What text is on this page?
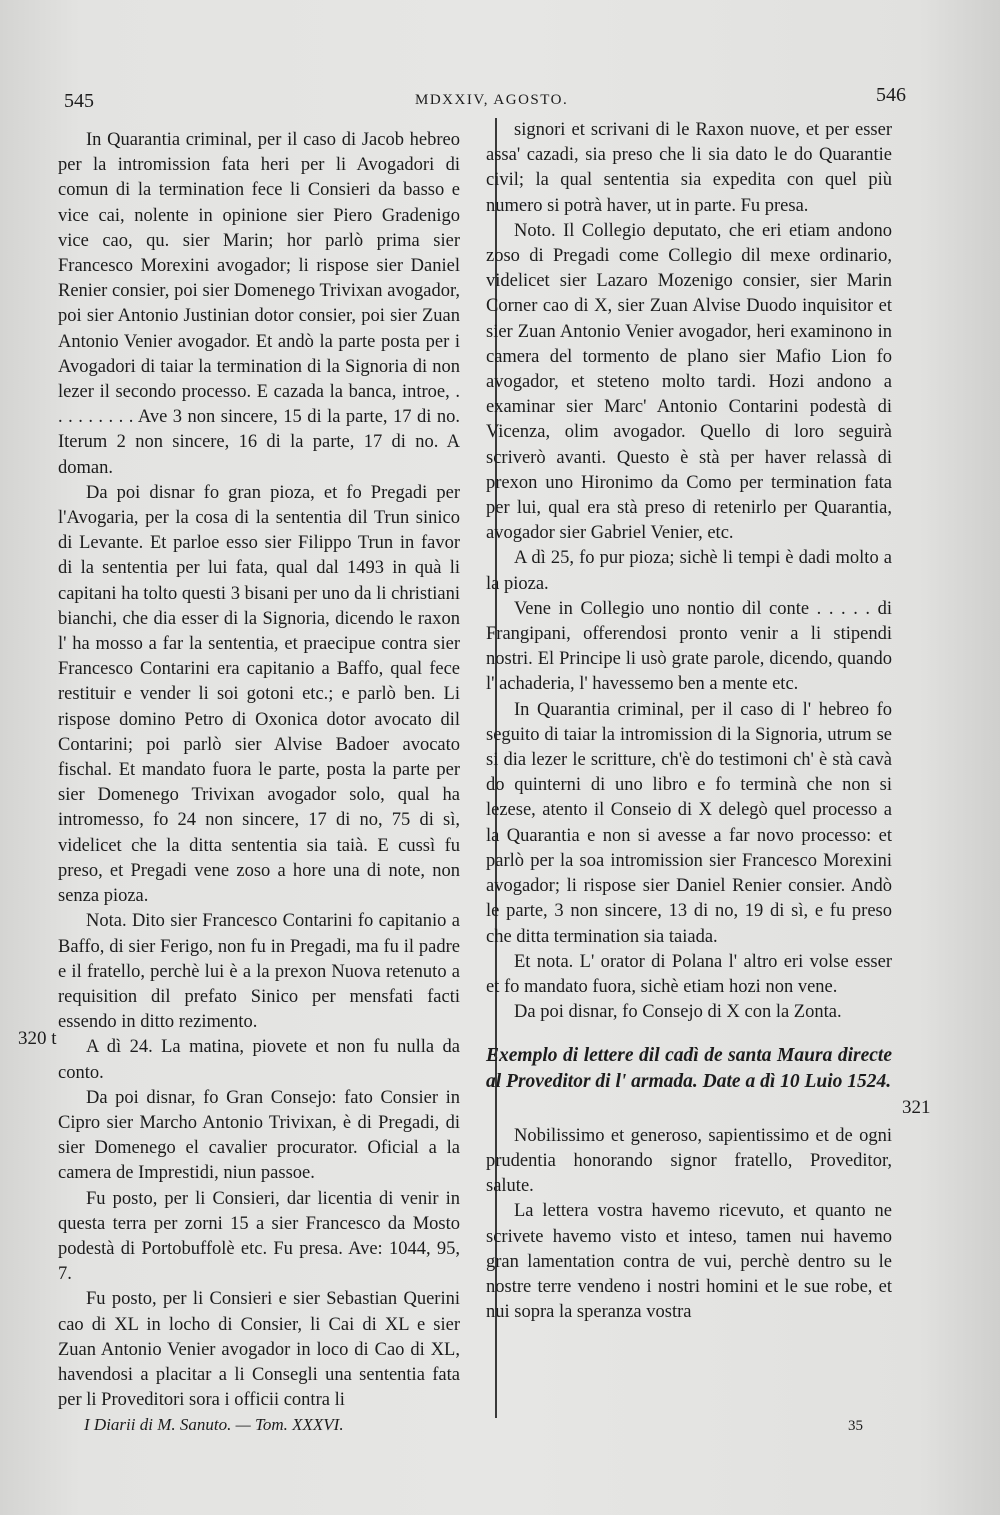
545	MDXXIV, AGOSTO.	546

In Quarantia criminal, per il caso di Jacob hebreo per la intromission fata heri per li Avogadori di comun di la termination fece li Consieri da basso e vice cai, nolente in opinione sier Piero Gradenigo vice cao, qu. sier Marin; hor parlò prima sier Francesco Morexini avogador; li rispose sier Daniel Renier consier, poi sier Domenego Trivixan avogador, poi sier Antonio Justinian dotor consier, poi sier Zuan Antonio Venier avogador. Et andò la parte posta per i Avogadori di taiar la termination di la Signoria di non lezer il secondo processo. E cazada la banca, introe, . . . . . . . . . Ave 3 non sincere, 15 di la parte, 17 di no. Iterum 2 non sincere, 16 di la parte, 17 di no. A doman.

Da poi disnar fo gran pioza, et fo Pregadi per l'Avogaria, per la cosa di la sententia dil Trun sinico di Levante. Et parloe esso sier Filippo Trun in favor di la sententia per lui fata, qual dal 1493 in quà li capitani ha tolto questi 3 bisani per uno da li christiani bianchi, che dia esser di la Signoria, dicendo le raxon l' ha mosso a far la sententia, et praecipue contra sier Francesco Contarini era capitanio a Baffo, qual fece restituir e vender li soi gotoni etc.; e parlò ben. Li rispose domino Petro di Oxonica dotor avocato dil Contarini; poi parlò sier Alvise Badoer avocato fischal. Et mandato fuora le parte, posta la parte per sier Domenego Trivixan avogador solo, qual ha intromesso, fo 24 non sincere, 17 di no, 75 di sì, videlicet che la ditta sententia sia taià. E cussì fu preso, et Pregadi vene zoso a hore una di note, non senza pioza.

Nota. Dito sier Francesco Contarini fo capitanio a Baffo, di sier Ferigo, non fu in Pregadi, ma fu il padre e il fratello, perchè lui è a la prexon Nuova retenuto a requisition dil prefato Sinico per mensfati facti essendo in ditto rezimento.

A dì 24. La matina, piovete et non fu nulla da conto.

Da poi disnar, fo Gran Consejo: fato Consier in Cipro sier Marcho Antonio Trivixan, è di Pregadi, di sier Domenego el cavalier procurator. Oficial a la camera de Imprestidi, niun passoe.

Fu posto, per li Consieri, dar licentia di venir in questa terra per zorni 15 a sier Francesco da Mosto podestà di Portobuffolè etc. Fu presa. Ave: 1044, 95, 7.

Fu posto, per li Consieri e sier Sebastian Querini cao di XL in locho di Consier, li Cai di XL e sier Zuan Antonio Venier avogador in loco di Cao di XL, havendosi a placitar a li Consegli una sententia fata per li Proveditori sora i officii contra li

signori et scrivani di le Raxon nuove, et per esser assa' cazadi, sia preso che li sia dato le do Quarantie civil; la qual sententia sia expedita con quel più numero si potrà haver, ut in parte. Fu presa.

Noto. Il Collegio deputato, che eri etiam andono zoso di Pregadi come Collegio dil mexe ordinario, videlicet sier Lazaro Mozenigo consier, sier Marin Corner cao di X, sier Zuan Alvise Duodo inquisitor et sier Zuan Antonio Venier avogador, heri examinono in camera del tormento de plano sier Mafio Lion fo avogador, et steteno molto tardi. Hozi andono a examinar sier Marc' Antonio Contarini podestà di Vicenza, olim avogador. Quello di loro seguirà scriverò avanti. Questo è stà per haver relassà di prexon uno Hironimo da Como per termination fata per lui, qual era stà preso di retenirlo per Quarantia, avogador sier Gabriel Venier, etc.

A dì 25, fo pur pioza; sichè li tempi è dadi molto a la pioza.

Vene in Collegio uno nontio dil conte . . . . . di Frangipani, offerendosi pronto venir a li stipendi nostri. El Principe li usò grate parole, dicendo, quando l' achaderia, l' havessemo ben a mente etc.

In Quarantia criminal, per il caso di l' hebreo fo seguito di taiar la intromission di la Signoria, utrum se si dia lezer le scritture, ch'è do testimoni ch' è stà cavà do quinterni di uno libro e fo terminà che non si lezese, atento il Conseio di X delegò quel processo a la Quarantia e non si avesse a far novo processo: et parlò per la soa intromission sier Francesco Morexini avogador; li rispose sier Daniel Renier consier. Andò le parte, 3 non sincere, 13 di no, 19 di sì, e fu preso che ditta termination sia taiada.

Et nota. L' orator di Polana l' altro eri volse esser et fo mandato fuora, sichè etiam hozi non vene.

Da poi disnar, fo Consejo di X con la Zonta.

Exemplo di lettere dil cadì de santa Maura directe al Proveditor di l' armada. Date a dì 10 Luio 1524.

Nobilissimo et generoso, sapientissimo et de ogni prudentia honorando signor fratello, Proveditor, salute.

La lettera vostra havemo ricevuto, et quanto ne scrivete havemo visto et inteso, tamen nui havemo gran lamentation contra de vui, perchè dentro su le nostre terre vendeno i nostri homini et le sue robe, et nui sopra la speranza vostra

320 t
321
I Diarii di M. Sanuto. — Tom. XXXVI.	35
